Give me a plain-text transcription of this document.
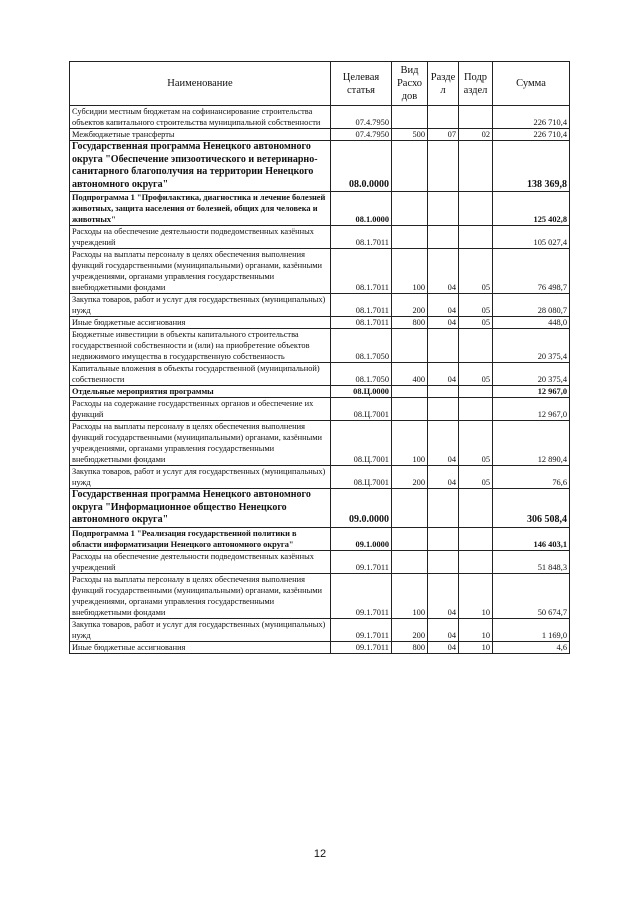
Наименование	Целевая статья	Вид Расхо дов	Разде л	Подр аздел	Сумма
Субсидии местным бюджетам на софинансирование строительства объектов капитального строительства муниципальной собственности	07.4.7950				226 710,4
Межбюджетные трансферты	07.4.7950	500	07	02	226 710,4
Государственная программа Ненецкого автономного округа "Обеспечение эпизоотического и ветеринарно-санитарного благополучия на территории Ненецкого автономного округа"	08.0.0000				138 369,8
Подпрограмма 1 "Профилактика, диагностика и лечение болезней животных, защита населения от болезней, общих для человека и животных"	08.1.0000				125 402,8
Расходы на обеспечение деятельности подведомственных казённых учреждений	08.1.7011				105 027,4
Расходы на выплаты персоналу в целях обеспечения выполнения функций государственными (муниципальными) органами, казёнными учреждениями, органами управления государственными внебюджетными фондами	08.1.7011	100	04	05	76 498,7
Закупка товаров, работ и услуг для государственных (муниципальных) нужд	08.1.7011	200	04	05	28 080,7
Иные бюджетные ассигнования	08.1.7011	800	04	05	448,0
Бюджетные инвестиции в объекты капитального строительства государственной собственности и (или) на приобретение объектов недвижимого имущества в государственную собственность	08.1.7050				20 375,4
Капитальные вложения в объекты государственной (муниципальной) собственности	08.1.7050	400	04	05	20 375,4
Отдельные мероприятия программы	08.Ц.0000				12 967,0
Расходы на содержание государственных органов и обеспечение их функций	08.Ц.7001				12 967,0
Расходы на выплаты персоналу в целях обеспечения выполнения функций государственными (муниципальными) органами, казёнными учреждениями, органами управления государственными внебюджетными фондами	08.Ц.7001	100	04	05	12 890,4
Закупка товаров, работ и услуг для государственных (муниципальных) нужд	08.Ц.7001	200	04	05	76,6
Государственная программа Ненецкого автономного округа "Информационное общество Ненецкого автономного округа"	09.0.0000				306 508,4
Подпрограмма 1 "Реализация государственной политики в области информатизации Ненецкого автономного округа"	09.1.0000				146 403,1
Расходы на обеспечение деятельности подведомственных казённых учреждений	09.1.7011				51 848,3
Расходы на выплаты персоналу в целях обеспечения выполнения функций государственными (муниципальными) органами, казёнными учреждениями, органами управления государственными внебюджетными фондами	09.1.7011	100	04	10	50 674,7
Закупка товаров, работ и услуг для государственных (муниципальных) нужд	09.1.7011	200	04	10	1 169,0
Иные бюджетные ассигнования	09.1.7011	800	04	10	4,6
12
